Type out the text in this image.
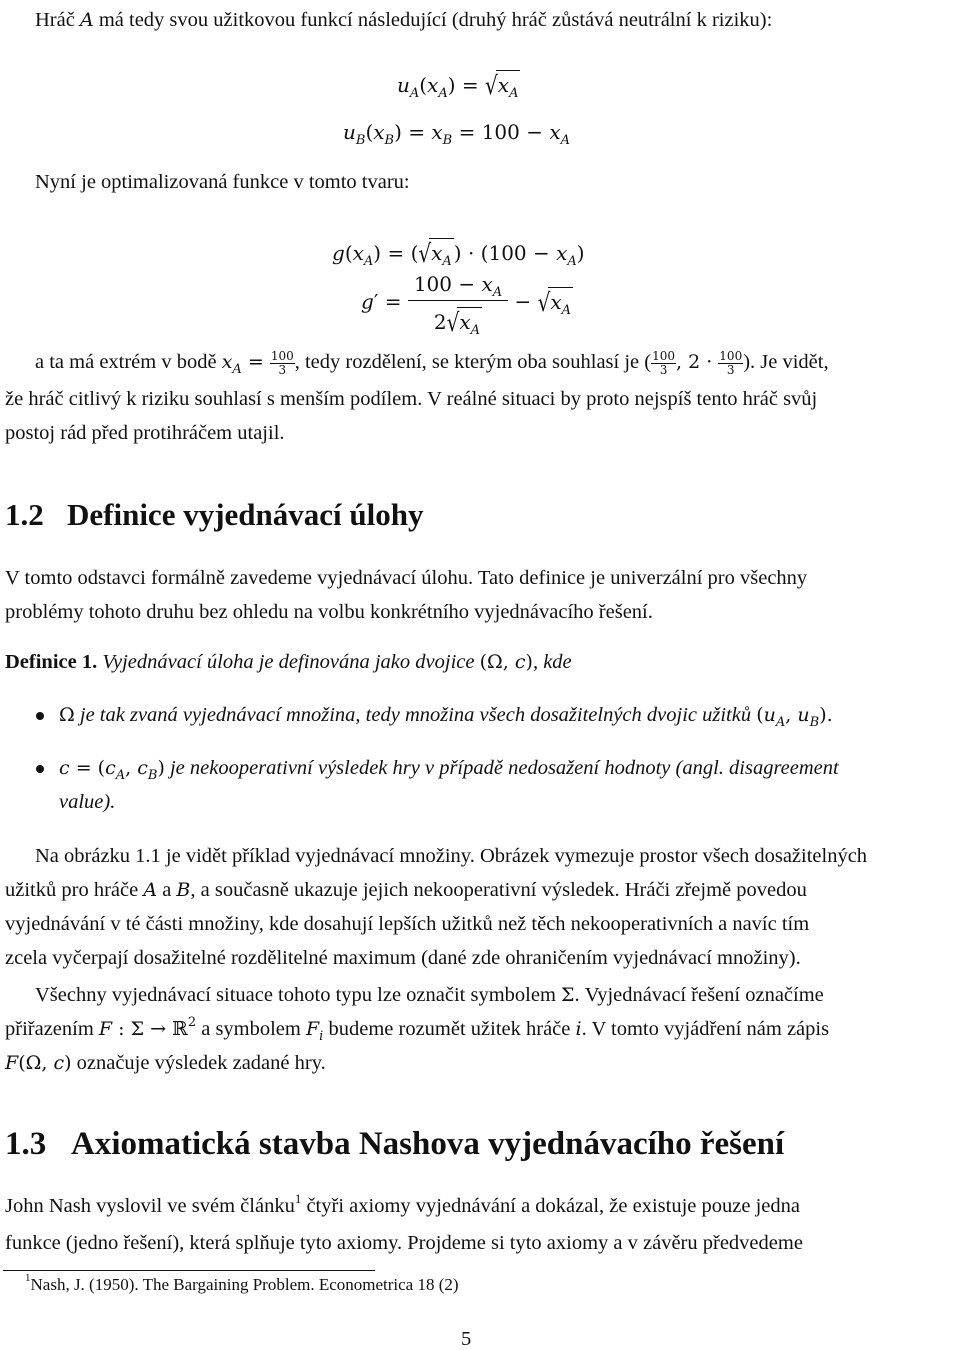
Hráč A má tedy svou užitkovou funkcí následující (druhý hráč zůstává neutrální k riziku):
$u_A(x_A) = √x_A$
$u_B(x_B) = x_B = 100 - x_A$
Nyní je optimalizovaná funkce v tomto tvaru:
$g(x_A) = (√x_A$ ) · $(100 - x_A)$
$g' = \frac{100 - x_A}{2√x_A} - √x_A$
a ta má extrém v bodě $x_A = \frac{100}{3}$ , tedy rozdělení, se kterým oba souhlasí je ( $\frac{100}{3}$ , $2 \cdot \frac{100}{3}$ ). Je vidět,
že hráč citlivý k riziku souhlasí s menším podílem. V reálné situaci by proto nejspíš tento hráč svůj
postoj rád před protihráčem utajil.
1.2 Definice vyjednávací úlohy
V tomto odstavci formálně zavedeme vyjednávací úlohu. Tato definice je univerzální pro všechny
problémy tohoto druhu bez ohledu na volbu konkrétního vyjednávacího řešení.
Definice 1. Vyjednávací úloha je definována jako dvojice (Ω, c), kde
Ω je tak zvaná vyjednávací množina, tedy množina všech dosažitelných dvojic užitků ($u_A$, $u_B$).
$c = (c_A$, $c_B$) je nekooperativní výsledek hry v případě nedosažení hodnoty (angl. disagreement
value).
Na obrázku 1.1 je vidět příklad vyjednávací množiny. Obrázek vymezuje prostor všech dosažitelných
užitků pro hráče A a B, a současně ukazuje jejich nekooperativní výsledek. Hráči zřejmě povedou
vyjednávání v té části množiny, kde dosahují lepších užitků než těch nekooperativních a navíc tím
zcela vyčerpají dosažitelné rozdělitelné maximum (dané zde ohraničením vyjednávací množiny).
Všechny vyjednávací situace tohoto typu lze označit symbolem Σ. Vyjednávací řešení označíme
přiřazením F : Σ → ℝ$^2$ a symbolem $F_i$ budeme rozumět užitek hráče i. V tomto vyjádření nám zápis
F(Ω, c) označuje výsledek zadané hry.
1.3 Axiomatická stavba Nashova vyjednávacího řešení
John Nash vyslovil ve svém článku$^1$ čtyři axiomy vyjednávání a dokázal, že existuje pouze jedna
funkce (jedno řešení), která splňuje tyto axiomy. Projdeme si tyto axiomy a v závěru předvedeme
$^1$Nash, J. (1950). The Bargaining Problem. Econometrica 18 (2)
5
